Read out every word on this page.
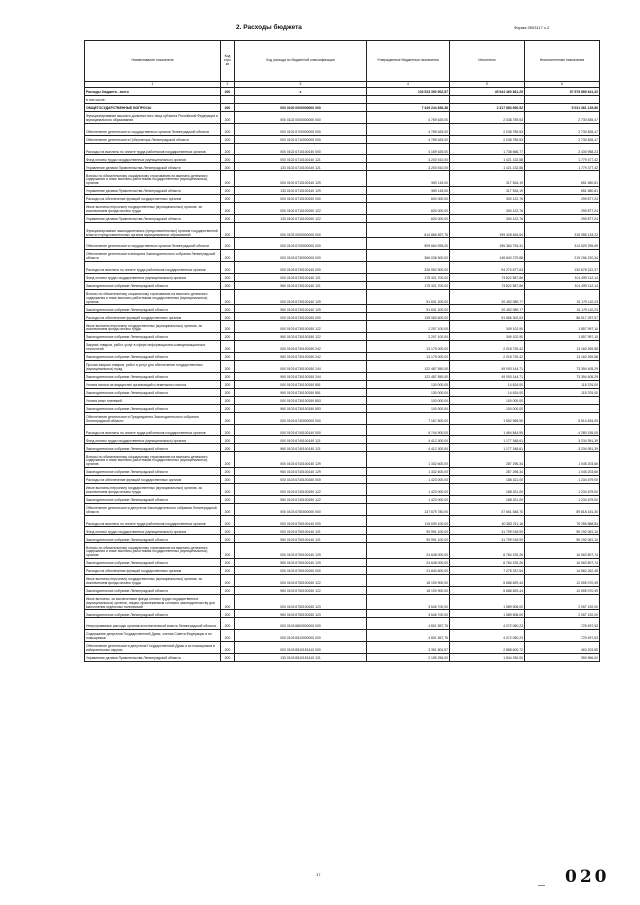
2. Расходы бюджета	Форма 0503117 с.2
Наименование показателя	Код стро ки	Код расхода по бюджетной классификации	Утвержденные бюджетные назначения	Исполнено	Неисполненные назначения
1	2	3	4	5	6
Расходы бюджета - всего	200	x	103 523 350 502,57	45 944 460 861,25	57 578 889 641,32
в том числе:					
ОБЩЕГОСУДАРСТВЕННЫЕ ВОПРОСЫ	200	000 0100 0000000000 000	7 349 244 836,38	2 317 883 690,52	5 031 361 139,86
Функционирование высшего должностного лица субъекта Российской Федерации и муниципального образования	200	000 0102 0000000000 000	4 769 625,00	2 038 789,53	2 730 835,47
Обеспечение деятельности государственных органов Ленинградской области	200	000 0102 6700000000 000	4 769 625,00	2 038 789,53	2 730 835,47
Обеспечение деятельности Губернатора Ленинградской области	200	000 0102 6710000000 000	4 769 625,00	2 038 789,53	2 730 835,47
Расходы на выплаты по оплате труда работников государственных органов	200	000 0102 6710100140 000	4 169 625,00	1 738 666,77	2 430 958,23
Фонд оплаты труда государственных (муниципальных) органов	200	000 0102 6710100140 121	3 200 510,00	1 421 132,58	1 779 377,42
Управление делами Правительства Ленинградской области	200	133 0102 6710100140 121	3 200 510,00	1 421 132,58	1 779 377,42
Взносы по обязательному социальному страхованию на выплаты денежного содержания и иные выплаты работникам государственных (муниципальных) органов	200	000 0102 6710100140 129	969 115,00	317 534,19	651 580,81
Управление делами Правительства Ленинградской области	200	133 0102 6710100140 129	969 115,00	317 534,19	651 580,81
Расходы на обеспечение функций государственных органов	200	000 0102 6710100150 000	600 000,00	300 122,76	299 877,24
Иные выплаты персоналу государственных (муниципальных) органов, за исключением фонда оплаты труда	200	000 0102 6710100150 122	600 000,00	300 122,76	299 877,24
Управление делами Правительства Ленинградской области	200	133 0102 6710100150 122	600 000,00	300 122,76	299 877,24
Функционирование законодательных (представительных) органов государственной власти и представительных органов муниципальных образований	200	000 0103 0000000000 000	614 866 597,76	199 428 464,54	315 358 133,22
Обеспечение деятельности государственных органов Ленинградской области	200	000 0103 6700000000 000	509 664 095,00	195 364 794,31	314 529 295,69
Обеспечение деятельности аппарата Законодательного собрания Ленинградской области	200	000 0103 6730000000 000	366 036 500,00	146 840 279,88	219 196 220,34
Расходы на выплаты по оплате труда работников государственных органов	200	000 0103 6730100140 000	226 952 900,00	94 274 677,63	132 678 222,37
Фонд оплаты труда государственных (муниципальных) органов	200	000 0103 6730100140 121	175 321 700,00	73 822 587,86	101 499 112,14
Законодательное собрание Ленинградской области	200	960 0103 6730100140 121	175 321 700,00	73 822 587,86	101 499 112,14
Взносы по обязательному социальному страхованию на выплаты денежного содержания и иные выплаты работникам государственных (муниципальных) органов	200	000 0103 6730100140 129	51 631 200,00	20 452 089,77	31 179 110,23
Законодательное собрание Ленинградской области	200	960 0103 6730100140 129	51 631 200,00	20 452 089,77	31 179 110,23
Расходы на обеспечение функций государственных органов	200	000 0103 6730100150 000	139 083 600,00	51 566 302,03	86 517 297,97
Иные выплаты персоналу государственных (муниципальных) органов, за исключением фонда оплаты труда	200	000 0103 6730100150 122	2 207 100,00	349 102,90	1 857 997,10
Законодательное собрание Ленинградской области	200	960 0103 6730100150 122	2 207 100,00	349 102,90	1 857 997,10
Закупка товаров, работ, услуг в сфере информационно-коммуникационных технологий	200	000 0103 6730100150 242	13 179 000,00	2 018 730,42	11 160 269,58
Законодательное собрание Ленинградской области	200	960 0103 6730100150 242	13 179 000,00	2 018 730,42	11 160 269,58
Прочая закупка товаров, работ и услуг для обеспечения государственных (муниципальных) нужд	200	000 0103 6730100150 244	122 487 550,00	49 093 144,71	73 394 405,29
Законодательное собрание Ленинградской области	200	960 0103 6730100150 244	122 487 550,00	49 093 144,71	73 394 405,29
Уплата налога на имущество организаций и земельного налога	200	000 0103 6730100150 851	130 000,00	14 624,00	115 376,00
Законодательное собрание Ленинградской области	200	960 0103 6730100150 851	130 000,00	14 624,00	115 376,00
Уплата иных платежей	200	000 0103 6730100150 853	100 000,00	100 000,00	-
Законодательное собрание Ленинградской области	200	960 0103 6730100150 853	100 000,00	100 000,00	-
Обеспечение деятельности Председателя Законодательного собрания Ленинградской области	200	000 0103 6740000000 000	7 167 600,00	1 652 965,95	5 514 634,05
Расходы на выплаты по оплате труда работников государственных органов	200	000 0103 6740100140 000	5 744 900,00	1 464 844,95	4 280 155,05
Фонд оплаты труда государственных (муниципальных) органов	200	000 0103 6740100140 121	4 412 300,00	1 177 348,61	3 234 951,39
Законодательное собрание Ленинградской области	200	960 0103 6740100140 121	4 412 300,00	1 177 348,61	3 234 951,39
Взносы по обязательному социальному страхованию на выплаты денежного содержания и иные выплаты работникам государственных (муниципальных) органов	200	000 0103 6740100140 129	1 332 600,00	287 296,34	1 045 203,66
Законодательное собрание Ленинградской области	200	960 0103 6740100140 129	1 332 600,00	287 296,34	1 045 203,66
Расходы на обеспечение функций государственных органов	200	000 0103 6740100150 000	1 423 000,00	188 321,00	1 234 679,00
Иные выплаты персоналу государственных (муниципальных) органов, за исключением фонда оплаты труда	200	000 0103 6740100150 122	1 423 000,00	188 321,00	1 234 679,00
Законодательное собрание Ленинградской области	200	960 0103 6740100150 122	1 423 000,00	188 321,00	1 234 679,00
Обеспечение деятельности депутатов Законодательного собрания Ленинградской области	200	000 0103 6750000000 000	137 679 780,00	47 661 548,70	89 818 151,30
Расходы на выплаты по оплате труда работников государственных органов	200	000 0103 6750100140 000	115 639 100,00	40 383 211,16	75 255 888,84
Фонд оплаты труда государственных (муниципальных) органов	200	000 0103 6750100140 121	90 991 100,00	31 799 018,90	59 192 081,10
Законодательное собрание Ленинградской области	200	960 0103 6750100140 121	90 991 100,00	31 799 018,90	59 192 081,10
Взносы по обязательному социальному страхованию на выплаты денежного содержания и иные выплаты работникам государственных (муниципальных) органов	200	000 0103 6750100140 129	24 648 000,00	8 784 192,26	16 063 807,74
Законодательное собрание Ленинградской области	200	960 0103 6750100140 129	24 648 000,00	8 784 192,26	16 063 807,74
Расходы на обеспечение функций государственных органов	200	000 0103 6750100150 000	21 840 600,00	7 278 337,54	14 562 262,46
Иные выплаты персоналу государственных (муниципальных) органов, за исключением фонда оплаты труда	200	000 0103 6750100150 122	18 193 900,00	5 688 829,44	12 505 070,49
Законодательное собрание Ленинградской области	200	960 0103 6750100150 122	18 193 900,00	5 688 829,44	12 505 070,49
Иные выплаты, за исключением фонда оплаты труда государственных (муниципальных) органов, лицам, привлекаемым согласно законодательству для выполнения отдельных полномочий	200	000 0103 6750100150 123	3 646 700,00	1 589 508,00	2 057 192,00
Законодательное собрание Ленинградской области	200	960 0103 6750100150 123	3 646 700,00	1 589 508,00	2 057 192,00
Непрограммные расходы органов исполнительной власти Ленинградской области	200	000 0103 6800000000 000	4 801 557,76	4 072 060,23	729 497,53
Содержание депутатов Государственной Думы, членов Совета Федерации и их помощников	200	000 0103 6810000000 000	4 801 557,76	4 072 060,23	729 497,53
Обеспечение деятельности депутатов Государственной Думы и их помощников в избирательных округах	200	000 0103 6810151410 000	3 351 804,57	2 888 600,72	463 203,85
Управление делами Правительства Ленинградской области	200	133 0103 6810151410 121	2 195 296,00	1 844 330,00	350 966,00
17
— 020
